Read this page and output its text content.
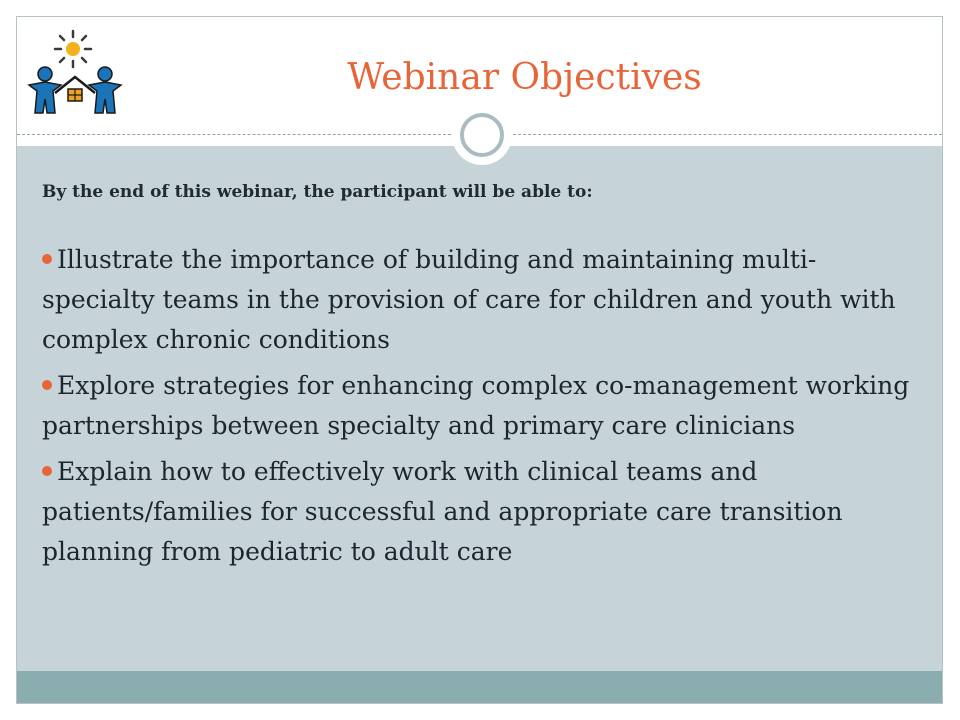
Webinar Objectives
By the end of this webinar, the participant will be able to:
Illustrate the importance of building and maintaining multi-specialty teams in the provision of care for children and youth with complex chronic conditions
Explore strategies for enhancing complex co-management working partnerships between specialty and primary care clinicians
Explain how to effectively work with clinical teams and patients/families for successful and appropriate care transition planning from pediatric to adult care
